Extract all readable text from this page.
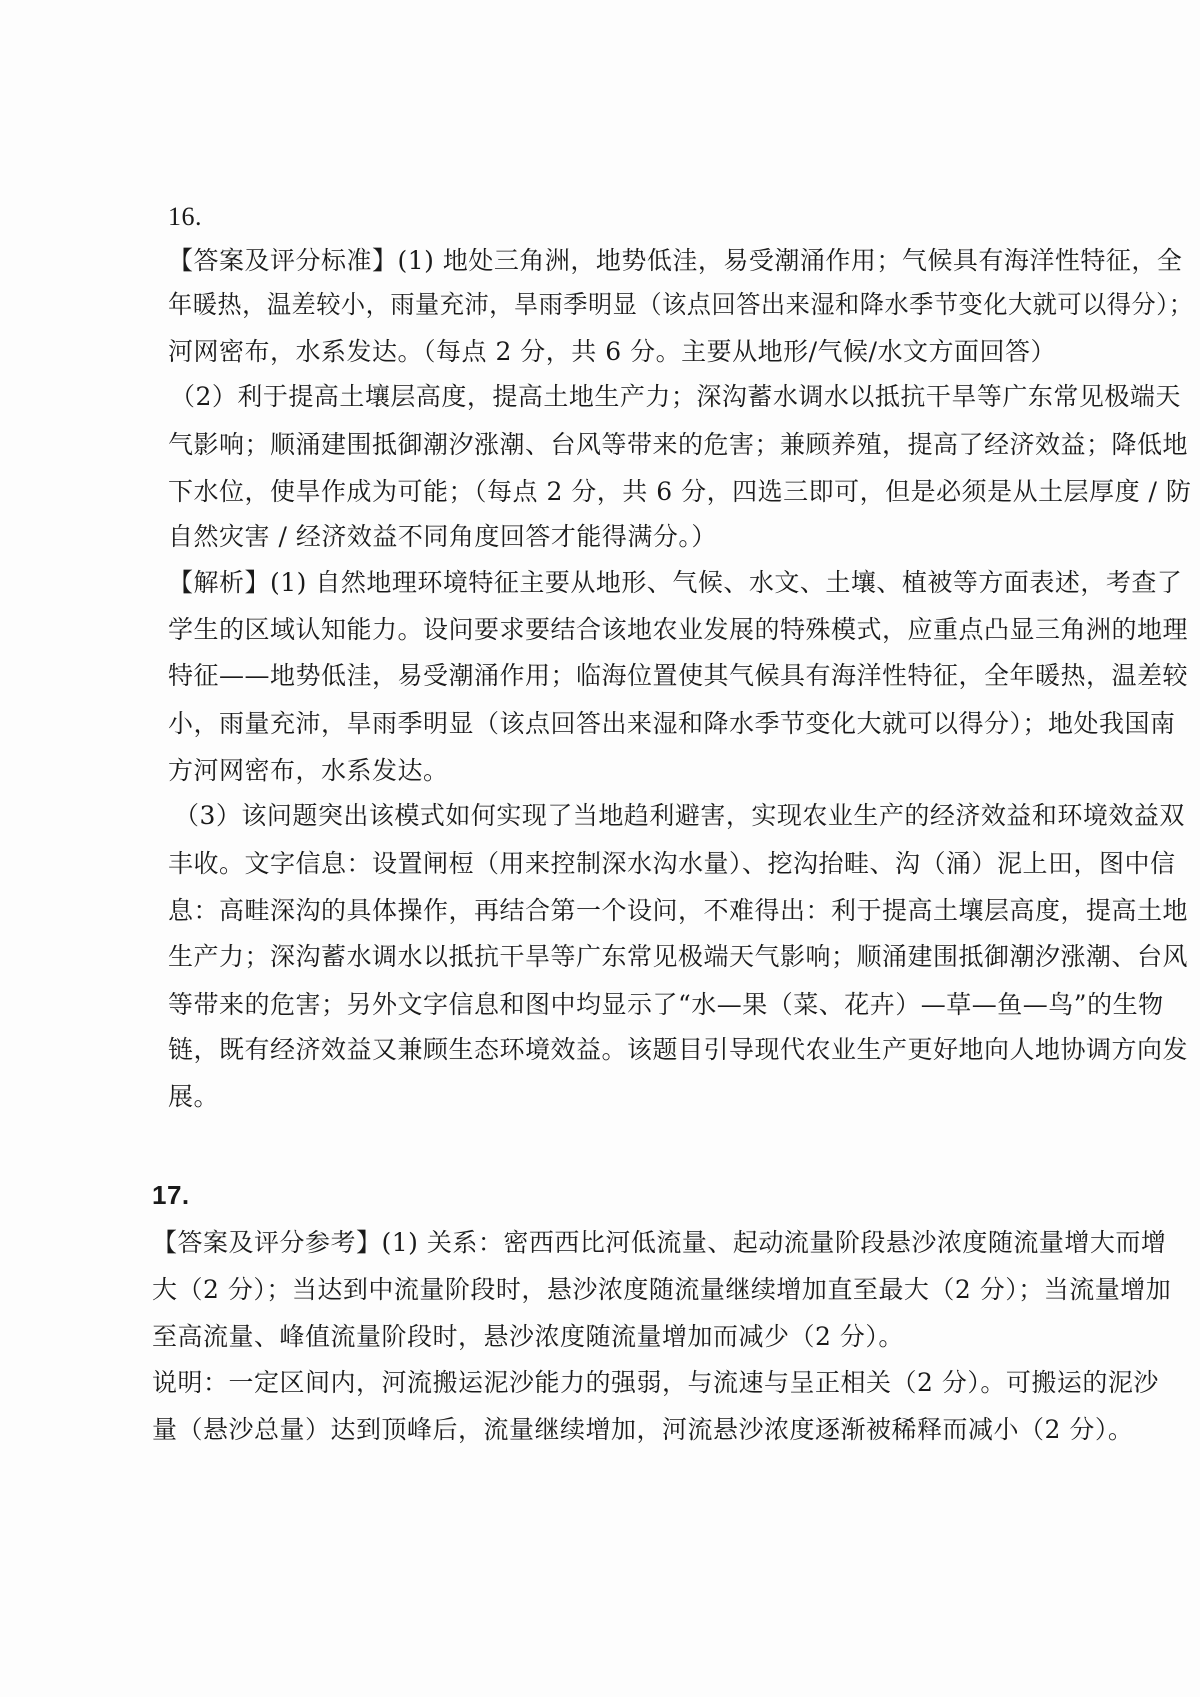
16.
【答案及评分标准】(1) 地处三角洲，地势低洼，易受潮涌作用；气候具有海洋性特征，全
年暖热，温差较小，雨量充沛，旱雨季明显（该点回答出来湿和降水季节变化大就可以得分）；
河网密布，水系发达。（每点 2 分，共 6 分。主要从地形/气候/水文方面回答）
（2）利于提高土壤层高度，提高土地生产力；深沟蓄水调水以抵抗干旱等广东常见极端天
气影响；顺涌建围抵御潮汐涨潮、台风等带来的危害；兼顾养殖，提高了经济效益；降低地
下水位，使旱作成为可能；（每点 2 分，共 6 分，四选三即可，但是必须是从土层厚度 / 防
自然灾害 / 经济效益不同角度回答才能得满分。）
【解析】(1) 自然地理环境特征主要从地形、气候、水文、土壤、植被等方面表述，考查了
学生的区域认知能力。设问要求要结合该地农业发展的特殊模式，应重点凸显三角洲的地理
特征——地势低洼，易受潮涌作用；临海位置使其气候具有海洋性特征，全年暖热，温差较
小，雨量充沛，旱雨季明显（该点回答出来湿和降水季节变化大就可以得分）；地处我国南
方河网密布，水系发达。
（3）该问题突出该模式如何实现了当地趋利避害，实现农业生产的经济效益和环境效益双
丰收。文字信息：设置闸梪（用来控制深水沟水量）、挖沟抬畦、沟（涌）泥上田，图中信
息：高畦深沟的具体操作，再结合第一个设问，不难得出：利于提高土壤层高度，提高土地
生产力；深沟蓄水调水以抵抗干旱等广东常见极端天气影响；顺涌建围抵御潮汐涨潮、台风
等带来的危害；另外文字信息和图中均显示了“水—果（菜、花卉）—草—鱼—鸟”的生物
链，既有经济效益又兼顾生态环境效益。该题目引导现代农业生产更好地向人地协调方向发
展。
17.
【答案及评分参考】(1) 关系：密西西比河低流量、起动流量阶段悬沙浓度随流量增大而增
大（2 分）；当达到中流量阶段时，悬沙浓度随流量继续增加直至最大（2 分）；当流量增加
至高流量、峰值流量阶段时，悬沙浓度随流量增加而减少（2 分）。
说明：一定区间内，河流搬运泥沙能力的强弱，与流速与呈正相关（2 分）。可搬运的泥沙
量（悬沙总量）达到顶峰后，流量继续增加，河流悬沙浓度逐渐被稀释而减小（2 分）。
